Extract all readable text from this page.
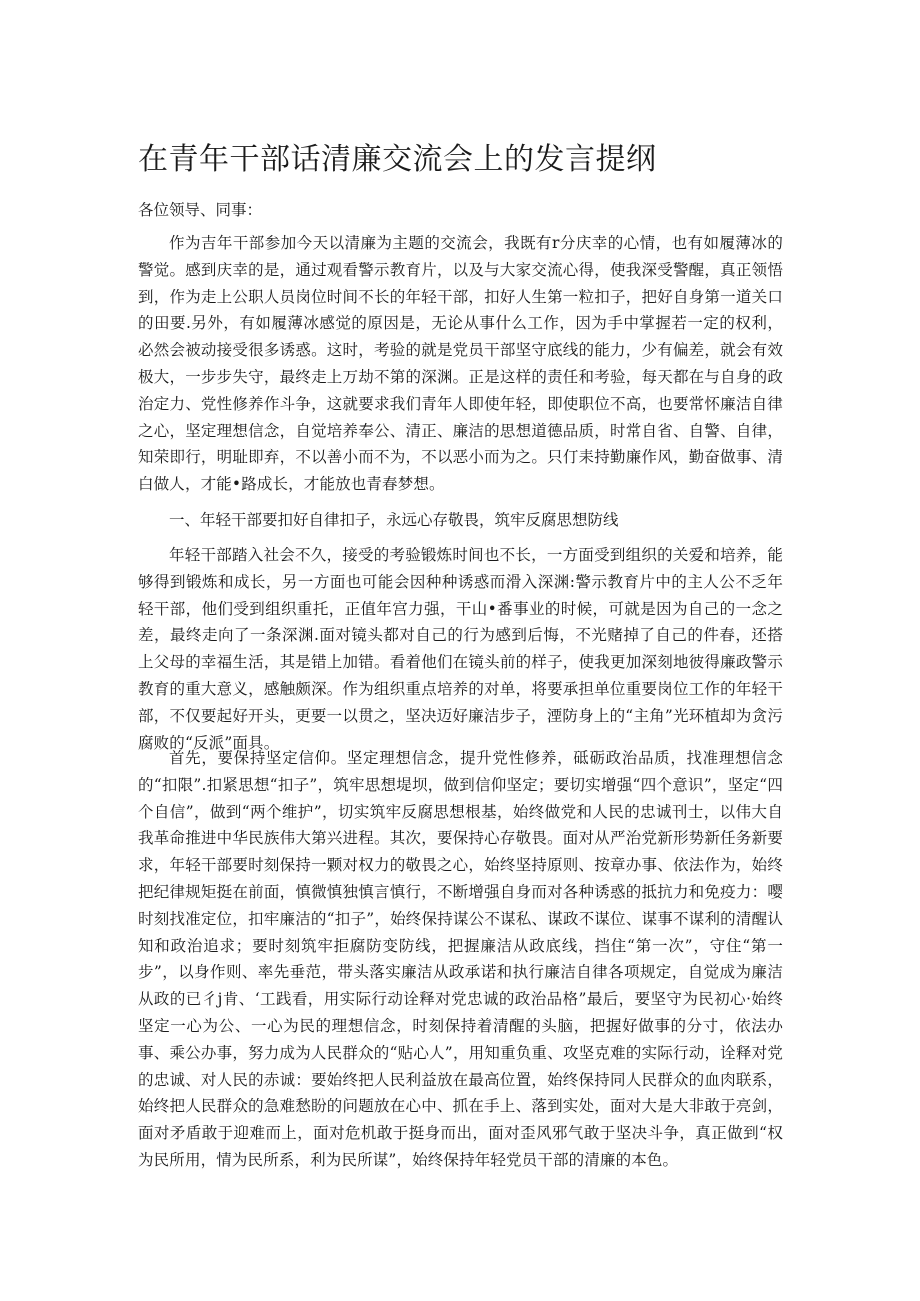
在青年干部话清廉交流会上的发言提纲

各位领导、同事：

作为吉年干部参加今天以清廉为主题的交流会，我既有r分庆幸的心情，也有如履薄冰的警觉。感到庆幸的是，通过观看警示教育片，以及与大家交流心得，使我深受警醒，真正领悟到，作为走上公职人员岗位时间不长的年轻干部，扣好人生第一粒扣子，把好自身第一道关口的田要.另外，有如履薄冰感觉的原因是，无论从事什么工作，因为手中掌握若一定的权利，必然会被动接受很多诱惑。这时，考验的就是党员干部坚守底线的能力，少有偏差，就会有效极大，一步步失守，最终走上万劫不第的深渊。正是这样的责任和考验，每天都在与自身的政治定力、党性修养作斗争，这就要求我们青年人即使年轻，即使职位不高，也要常怀廉洁自律之心，坚定理想信念，自觉培养奉公、清正、廉洁的思想道德品质，时常自省、自警、自律，知荣即行，明耻即弃，不以善小而不为，不以恶小而为之。只仃耒持勤廉作风，勤奋做事、清白做人，才能•路成长，才能放也青春梦想。

一、年轻干部要扣好自律扣子，永远心存敬畏，筑牢反腐思想防线

年轻干部踏入社会不久，接受的考验锻炼时间也不长，一方面受到组织的关爱和培养，能够得到锻炼和成长，另一方面也可能会因种种诱惑而滑入深渊:警示教育片中的主人公不乏年轻干部，他们受到组织重托，正值年宫力强，干山•番事业的时候，可就是因为自己的一念之差，最终走向了一条深渊.面对镜头都对自己的行为感到后悔，不光赌掉了自己的件春，还搭上父母的幸福生活，其是错上加错。看着他们在镜头前的样子，使我更加深刻地彼得廉政警示教育的重大意义，感触颇深。作为组织重点培养的对单，将要承担单位重要岗位工作的年轻干部，不仅要起好开头，更要一以贯之，坚决迈好廉洁步子，湮防身上的“主角”光环植却为贪污腐败的“反派”面具。

首先，要保持坚定信仰。坚定理想信念，提升党性修养，砥砺政治品质，找准理想信念的“扣限”.扣紧思想“扣子”，筑牢思想堤坝，做到信仰坚定；要切实增强“四个意识”，坚定“四个自信”，做到“两个维护”，切实筑牢反腐思想根基，始终做党和人民的忠诚刊士，以伟大自我革命推进中华民族伟大第兴进程。其次，要保持心存敬畏。面对从严治党新形势新任务新要求，年轻干部要时刻保持一颗对权力的敬畏之心，始终坚持原则、按章办事、依法作为，始终把纪律规矩挺在前面，慎微慎独慎言慎行，不断增强自身而对各种诱惑的抵抗力和免疫力：嘤时刻找准定位，扣牢廉洁的“扣子”，始终保持谋公不谋私、谋政不谋位、谋事不谋利的清醒认知和政治追求；要时刻筑牢拒腐防变防线，把握廉洁从政底线，挡住“第一次”，守住“第一步”，以身作则、率先垂范，带头落实廉洁从政承诺和执行廉洁自律各项规定，自觉成为廉洁从政的已彳j肯、‘工践看，用实际行动诠释对党忠诚的政治品格”最后，要坚守为民初心·始终坚定一心为公、一心为民的理想信念，时刻保持着清醒的头脑，把握好做事的分寸，依法办事、乘公办事，努力成为人民群众的“贴心人”，用知重负重、攻坚克难的实际行动，诠释对党的忠诚、对人民的赤诚：要始终把人民利益放在最高位置，始终保持同人民群众的血肉联系，始终把人民群众的急难愁盼的问题放在心中、抓在手上、落到实处，面对大是大非敢于亮剑，面对矛盾敢于迎难而上，面对危机敢于挺身而出，面对歪风邪气敢于坚决斗争，真正做到“权为民所用，情为民所系，利为民所谋”，始终保持年轻党员干部的清廉的本色。
